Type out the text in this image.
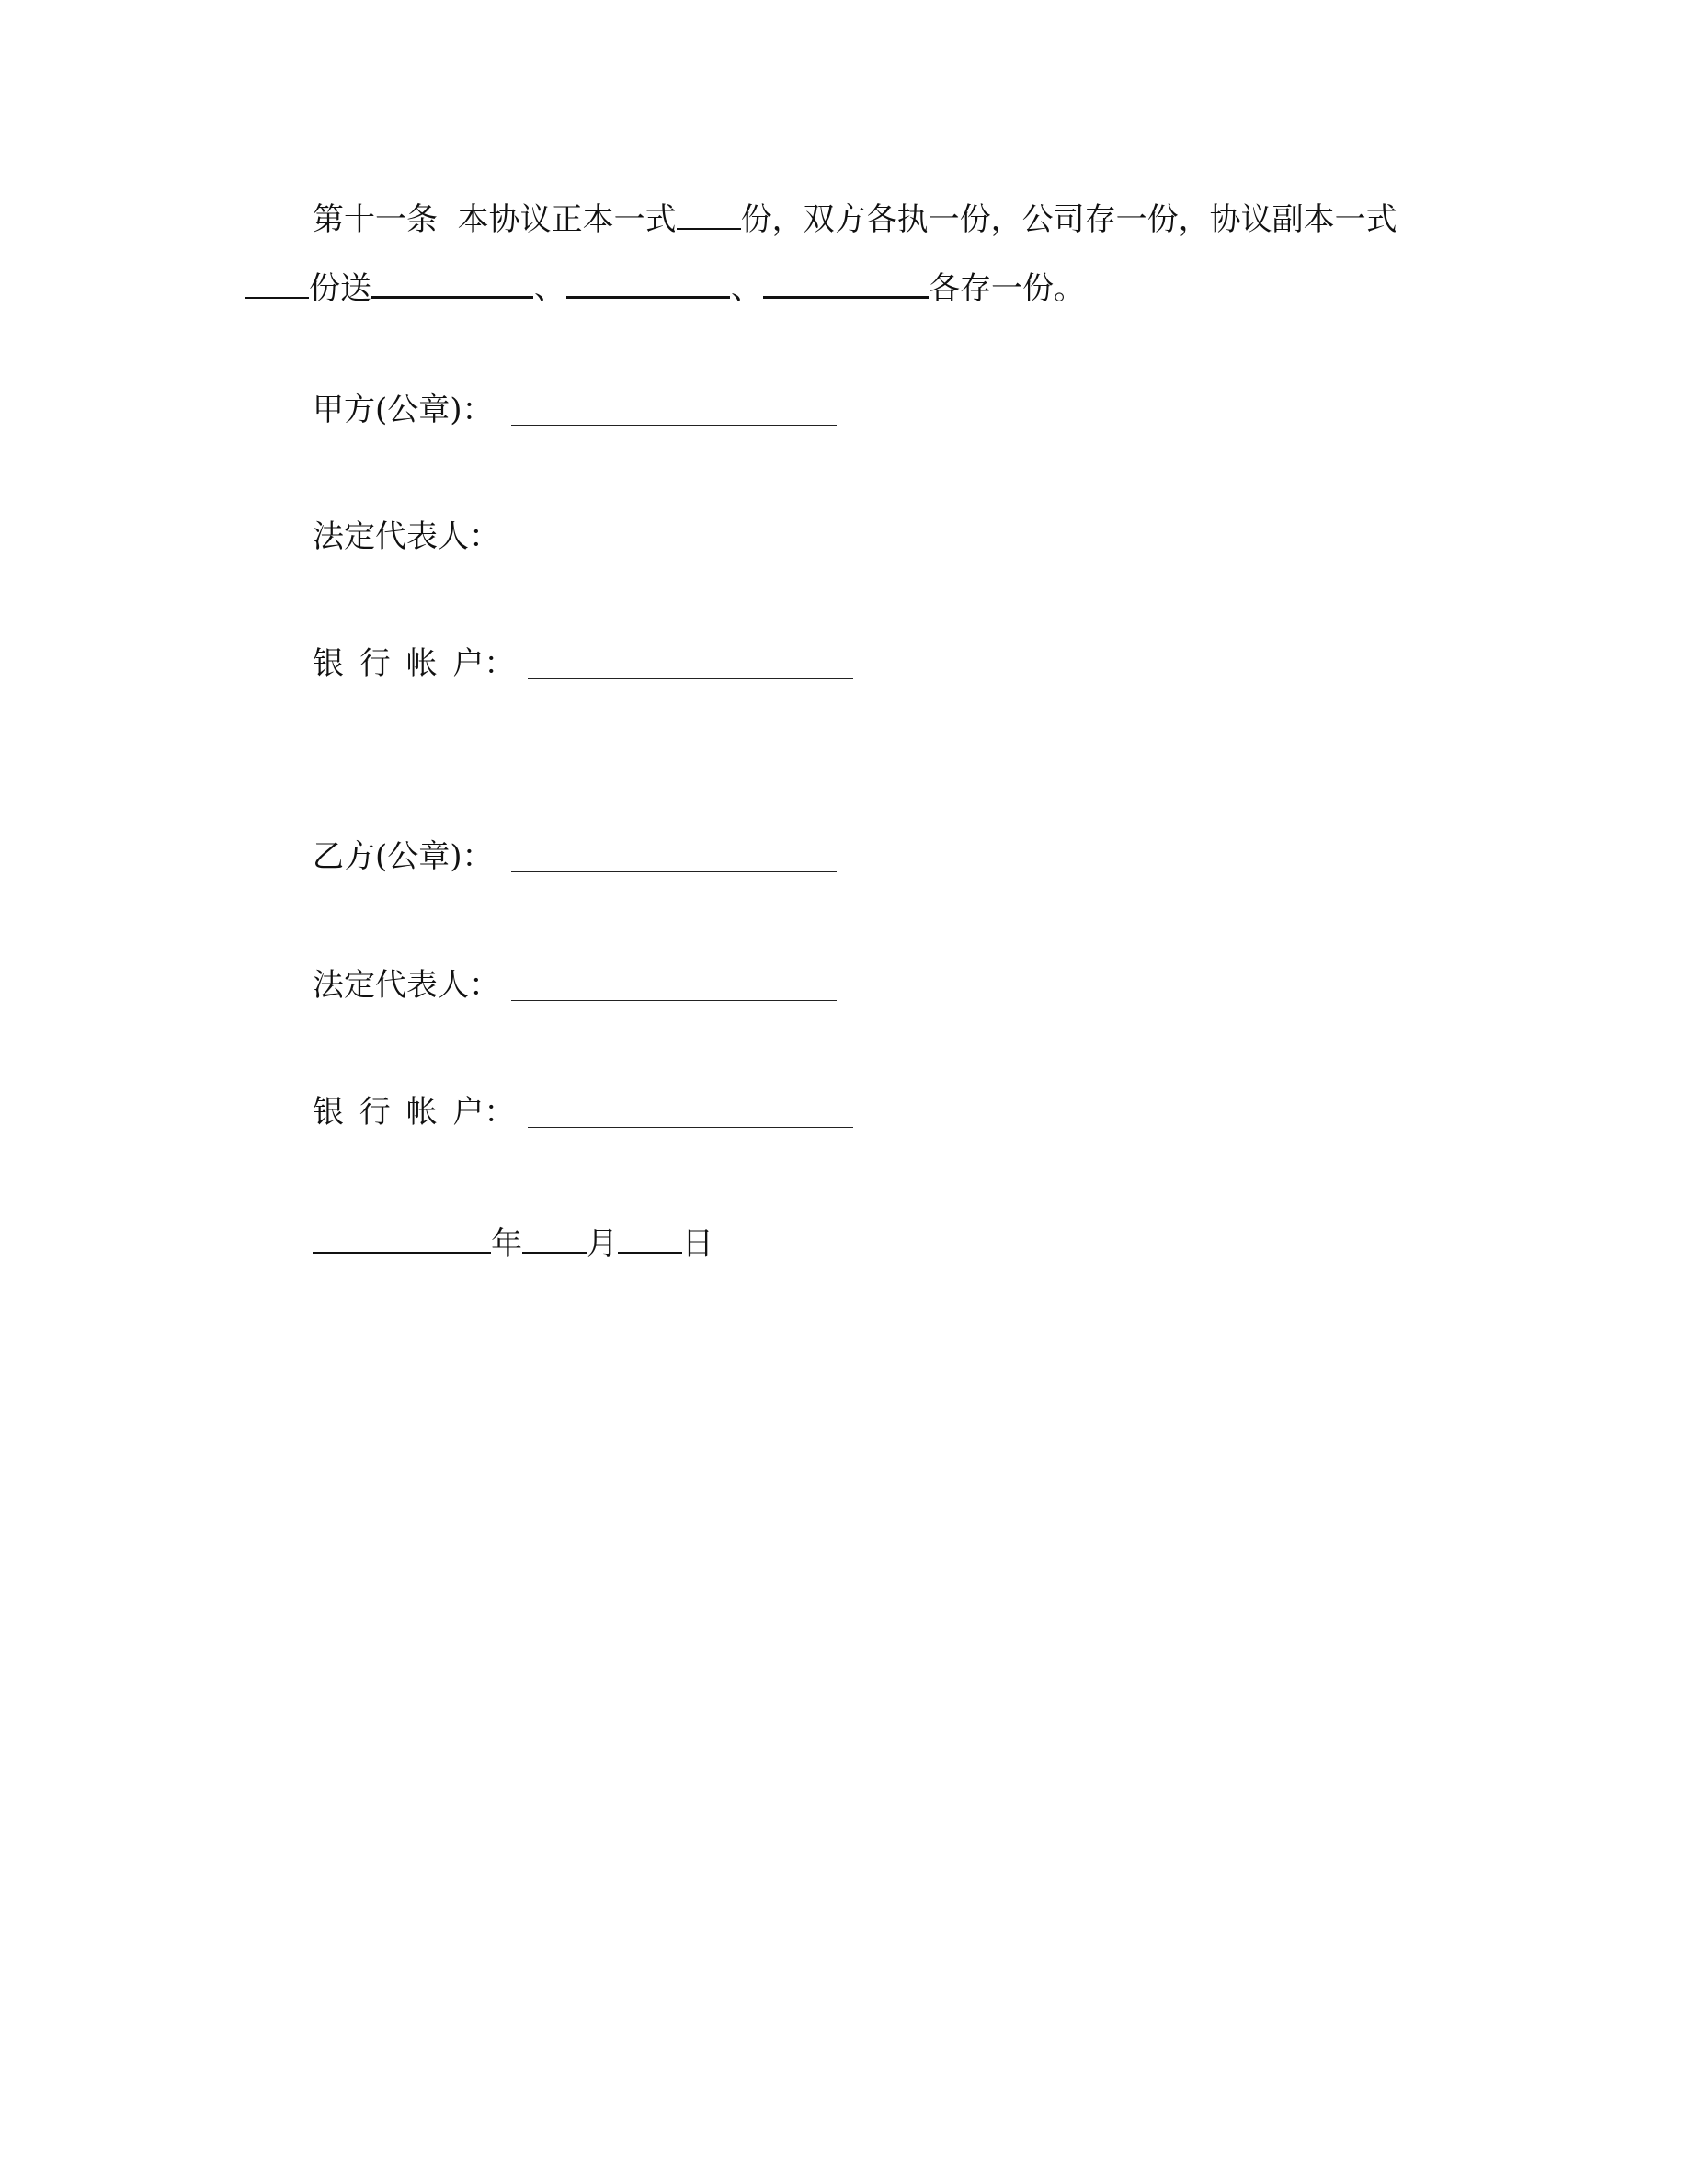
第十一条 本协议正本一式 份，双方各执一份，公司存一份，协议副本一式
份送	、	、	各存一份。
甲方(公章)：
法定代表人：
银 行 帐 户：
乙方(公章)：
法定代表人：
银 行 帐 户：
年 月 日
